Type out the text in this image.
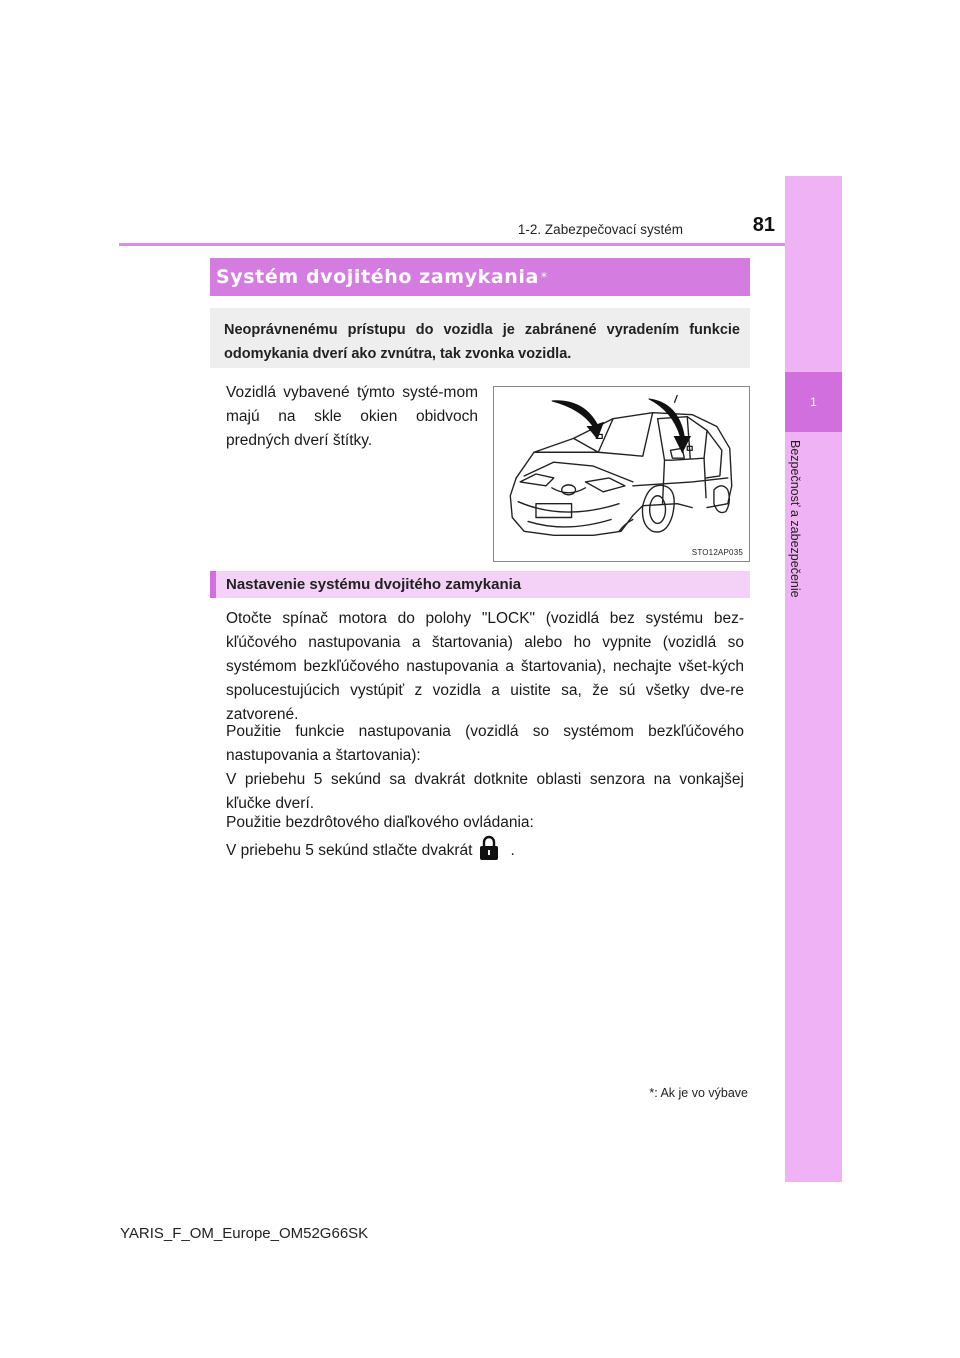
1
Bezpečnosť a zabezpečenie
1-2. Zabezpečovací systém	81
Systém dvojitého zamykania *
Neoprávnenému prístupu do vozidla je zabránené vyradením funkcie odomykania dverí ako zvnútra, tak zvonka vozidla.
Vozidlá vybavené týmto systé-mom majú na skle okien obidvoch predných dverí štítky.
STO12AP035
Nastavenie systému dvojitého zamykania
Otočte spínač motora do polohy "LOCK" (vozidlá bez systému bez-kľúčového nastupovania a štartovania) alebo ho vypnite (vozidlá so systémom bezkľúčového nastupovania a štartovania), nechajte všet-kých spolucestujúcich vystúpiť z vozidla a uistite sa, že sú všetky dve-re zatvorené.
Použitie funkcie nastupovania (vozidlá so systémom bezkľúčového nastupovania a štartovania):
V priebehu 5 sekúnd sa dvakrát dotknite oblasti senzora na vonkajšej kľučke dverí.
Použitie bezdrôtového diaľkového ovládania:
V priebehu 5 sekúnd stlačte dvakrát .
*: Ak je vo výbave
YARIS_F_OM_Europe_OM52G66SK
